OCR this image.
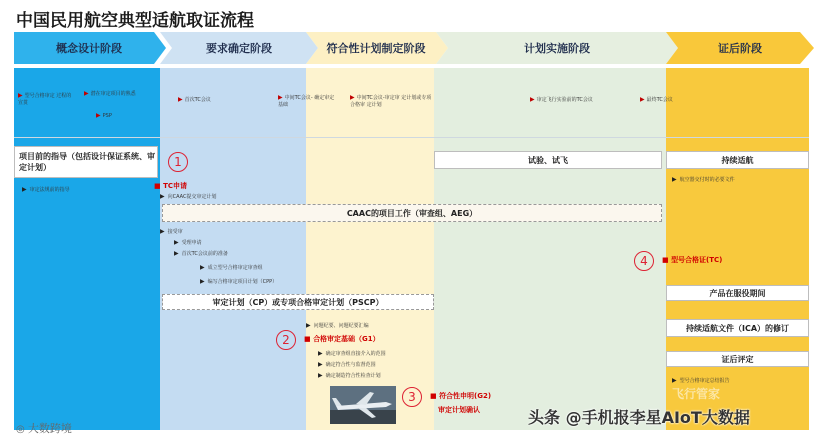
中国民用航空典型适航取证流程
概念设计阶段	要求确定阶段	符合性计划制定阶段	计划实施阶段	证后阶段
▶ 型号合格审定 过程的宣贯
▶ 潜在审定项目的熟悉
▶ PSP
▶ 首次TC会议	▶ 中间TC会议- 确定审定基础
▶ 中间TC会议-审定审 定计划或专项合格审 定计划
▶ 审定飞行实验前的TC会议	▶ 最终TC会议
项目前的指导（包括设计保证系统、审定计划）
试验、试飞	持续适航
CAAC的项目工作（审查组、AEG）
审定计划（CP）或专项合格审定计划（PSCP）
产品在服役期间
持续适航文件（ICA）的修订
证后评定
▶ 审定法规前的指导
▶ 向CAAC提交审定计划
▶ 接受审
▶ 受理申请
▶ 首次TC会议前的准备
▶ 成立型号合格审定审查组
▶ 编写合格审定项目计划（CPP）
▶ 问题纪要、问题纪要汇编
▶ 确定审查组直接介入的范围
▶ 确定符合性与监督范围
▶ 确定制造符合性检查计划
▶ 航空器交付时的必要文件
▶ 型号合格审定总结报告
1
■ TC申请
2	■ 合格审定基础（G1）
3	■ 符合性申明(G2)
审定计划确认
4	■ 型号合格证(TC)
◎ 大数跨境
飞行管家
头条 @手机报李星AIoT大数据
